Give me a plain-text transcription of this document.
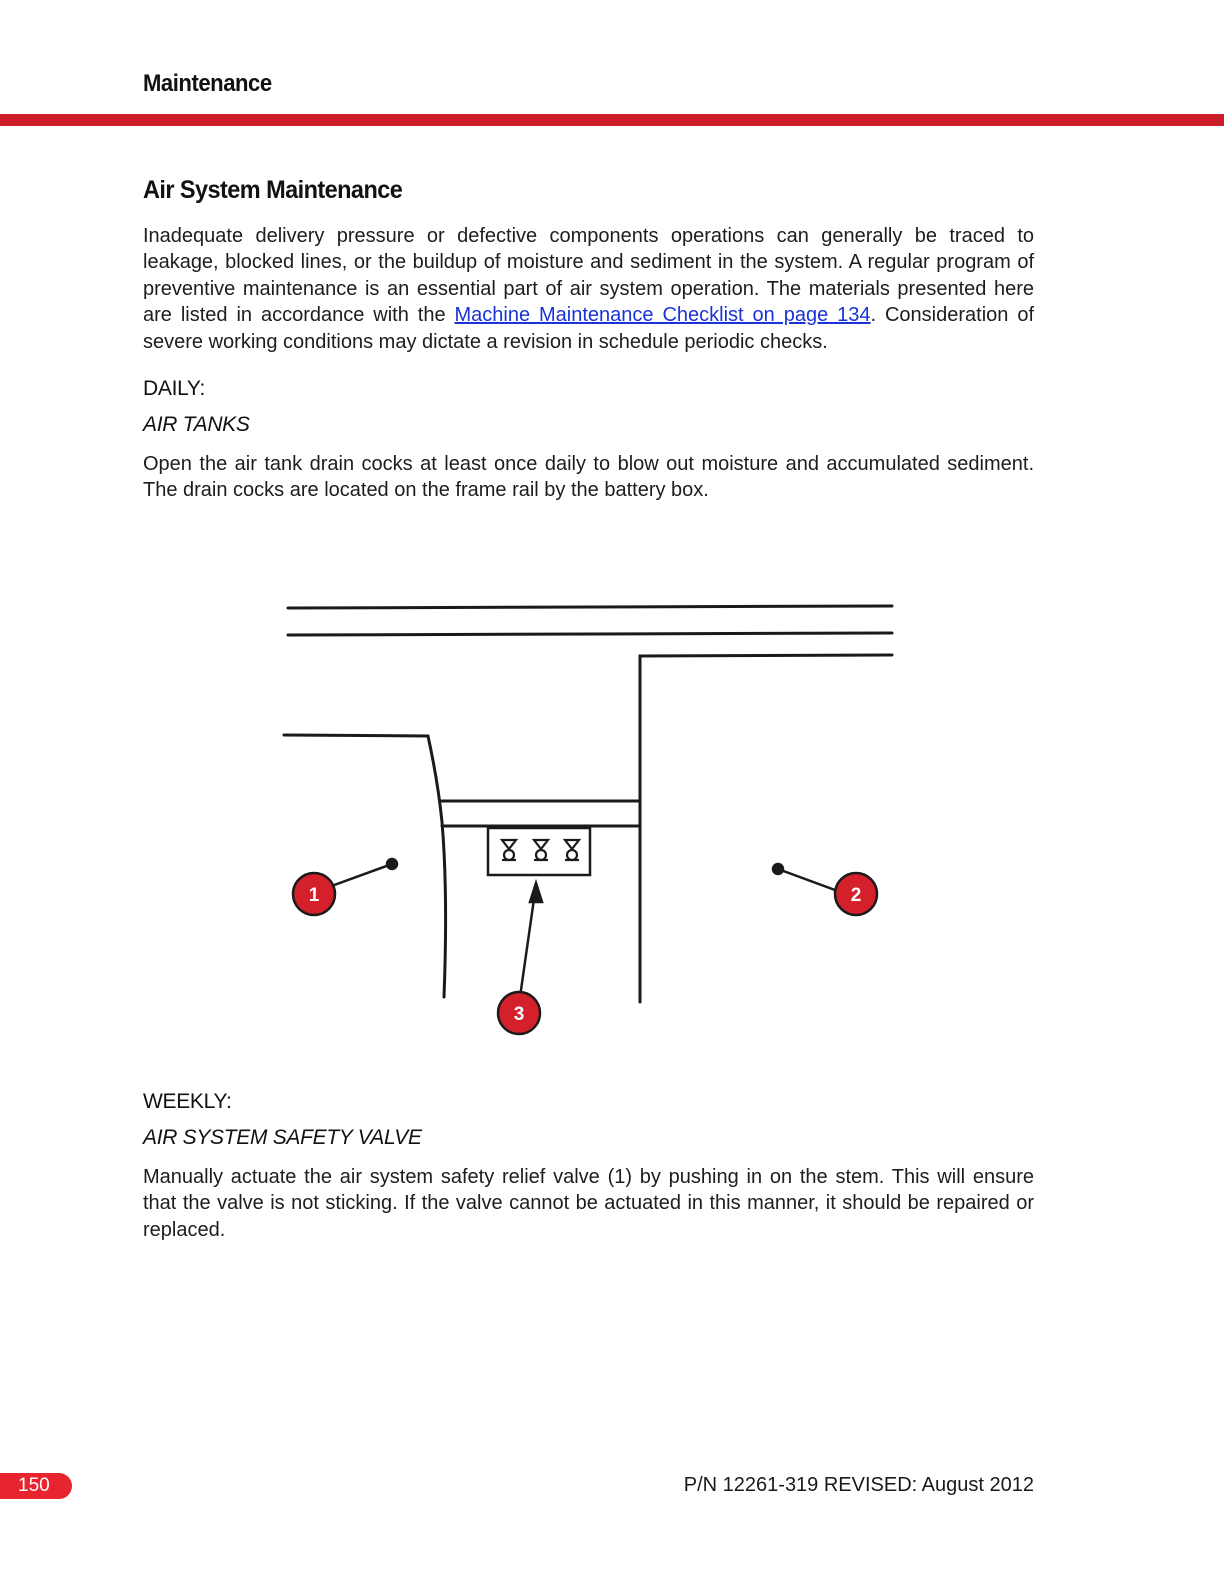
Maintenance
Air System Maintenance

Inadequate delivery pressure or defective components operations can generally be traced to leakage, blocked lines, or the buildup of moisture and sediment in the system. A regular program of preventive maintenance is an essential part of air system operation. The materials presented here are listed in accordance with the Machine Maintenance Checklist on page 134. Consideration of severe working conditions may dictate a revision in schedule periodic checks.

DAILY:
AIR TANKS

Open the air tank drain cocks at least once daily to blow out moisture and accumulated sediment. The drain cocks are located on the frame rail by the battery box.

1	2
3
WEEKLY:
AIR SYSTEM SAFETY VALVE

Manually actuate the air system safety relief valve (1) by pushing in on the stem. This will ensure that the valve is not sticking. If the valve cannot be actuated in this manner, it should be repaired or replaced.

150	P/N 12261-319 REVISED: August 2012
